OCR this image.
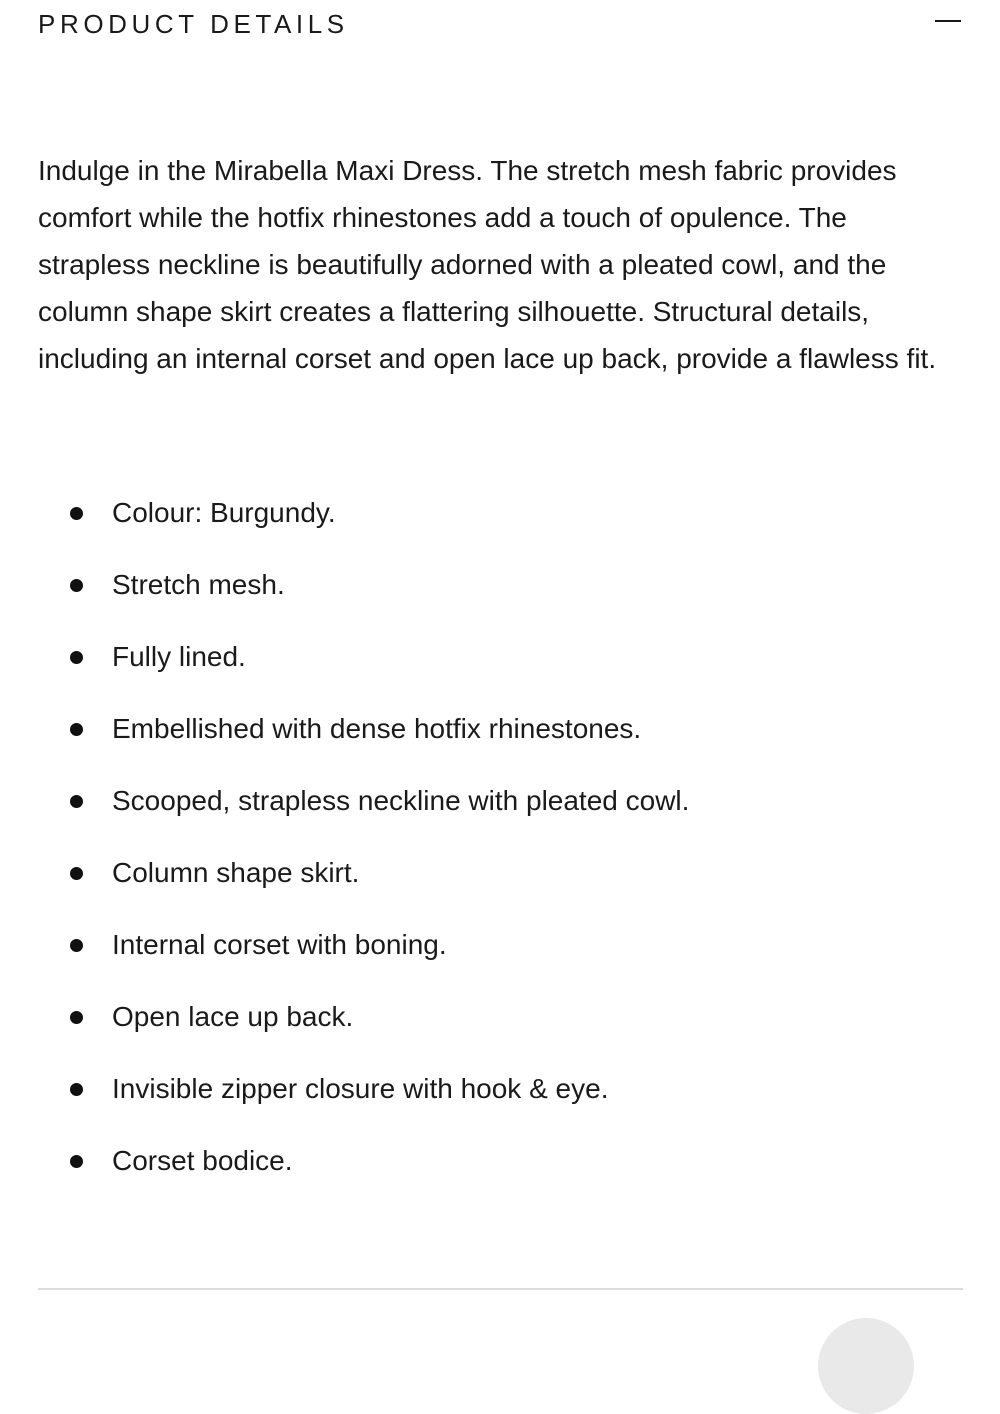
PRODUCT DETAILS

Indulge in the Mirabella Maxi Dress. The stretch mesh fabric provides comfort while the hotfix rhinestones add a touch of opulence. The strapless neckline is beautifully adorned with a pleated cowl, and the column shape skirt creates a flattering silhouette. Structural details, including an internal corset and open lace up back, provide a flawless fit.

Colour: Burgundy.
Stretch mesh.
Fully lined.
Embellished with dense hotfix rhinestones.
Scooped, strapless neckline with pleated cowl.
Column shape skirt.
Internal corset with boning.
Open lace up back.
Invisible zipper closure with hook & eye.
Corset bodice.
